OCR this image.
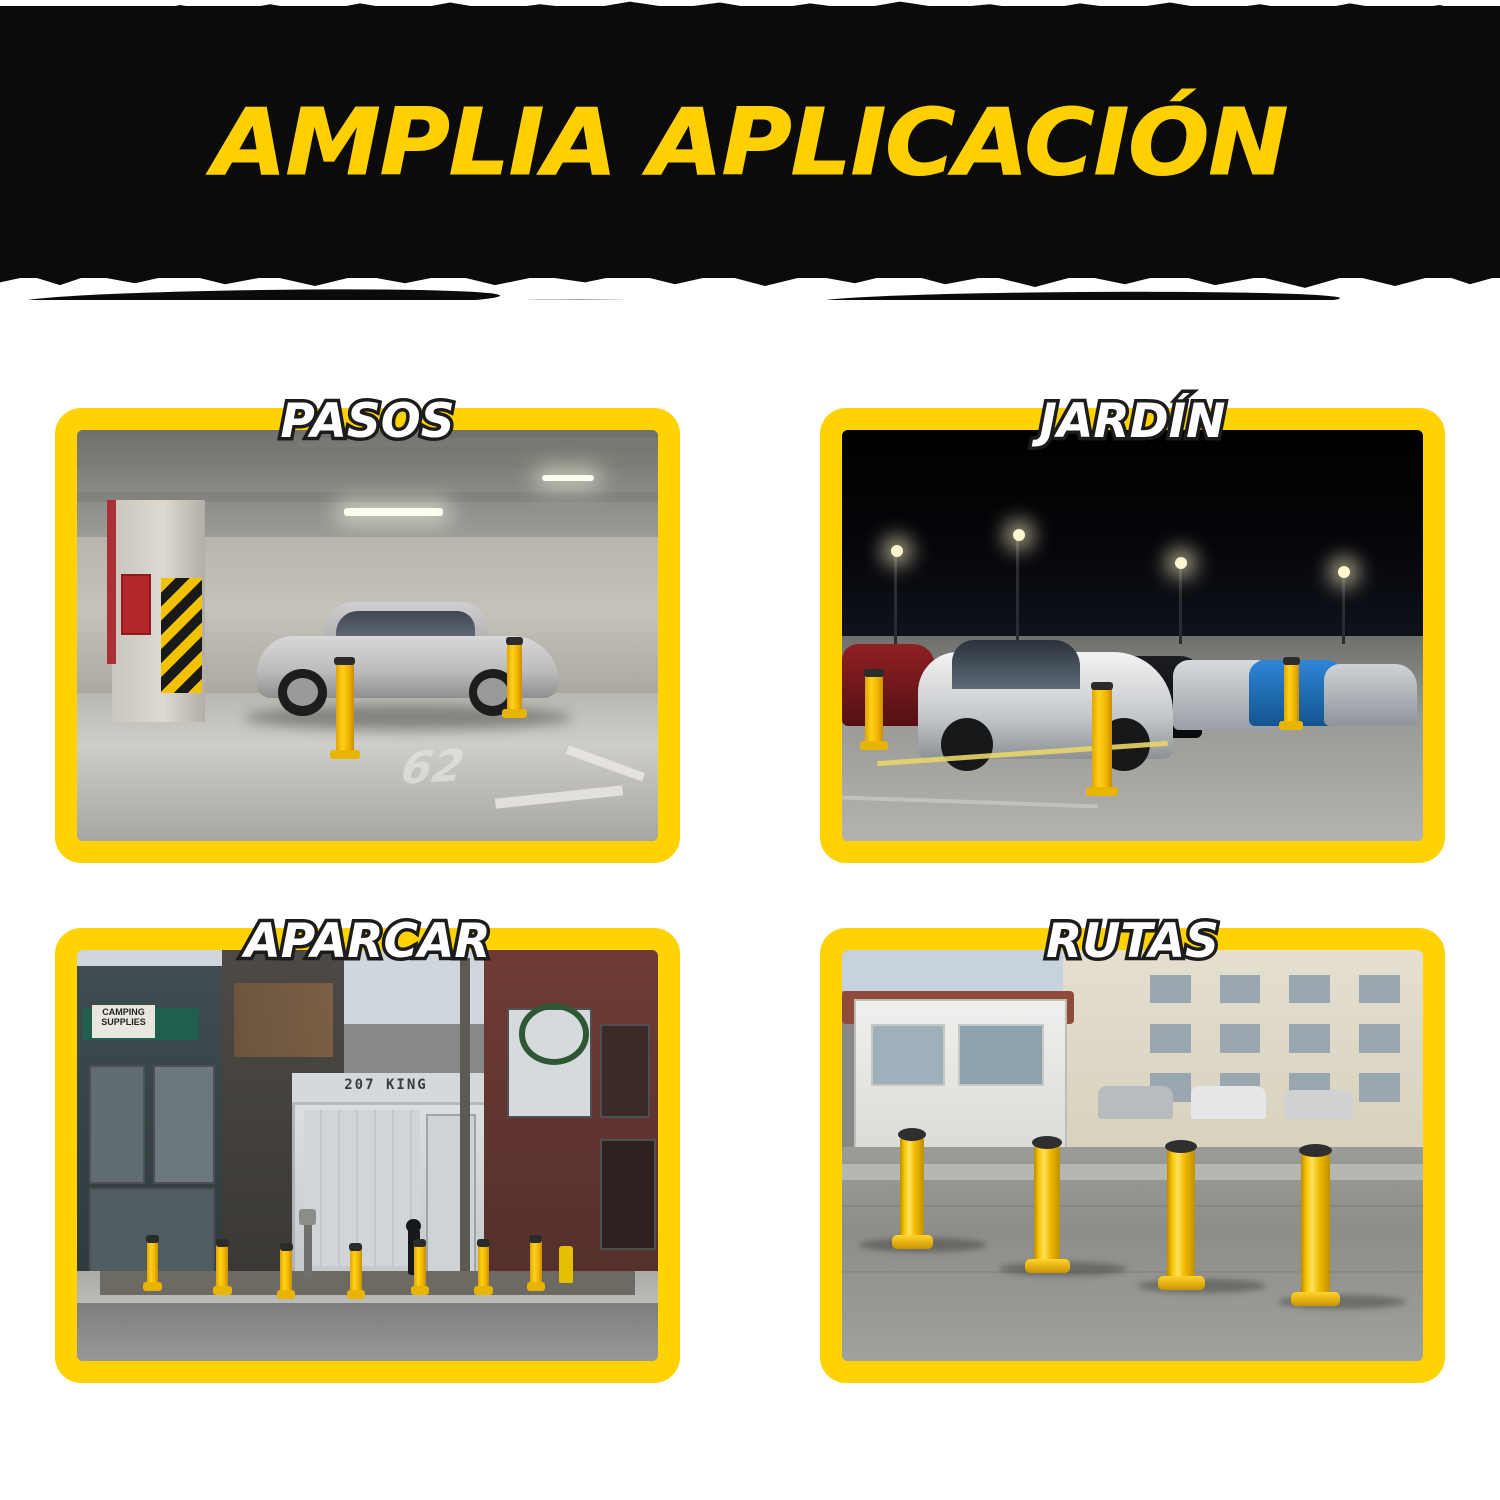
AMPLIA APLICACIÓN
62
PASOS	JARDÍN
CAMPING SUPPLIES
207 KING
APARCAR	RUTAS
